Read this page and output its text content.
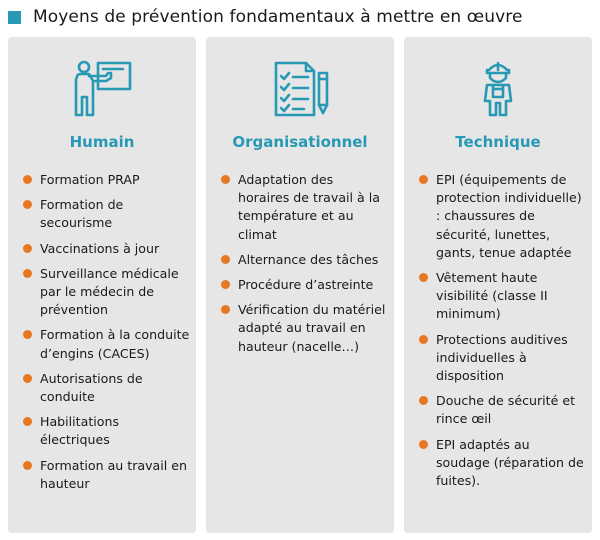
Moyens de prévention fondamentaux à mettre en œuvre
Humain
Formation PRAP
Formation de secourisme
Vaccinations à jour
Surveillance médicale par le médecin de prévention
Formation à la conduite d’engins (CACES)
Autorisations de conduite
Habilitations électriques
Formation au travail en hauteur
Organisationnel
Adaptation des horaires de travail à la température et au climat
Alternance des tâches
Procédure d’astreinte
Vérification du matériel adapté au travail en hauteur (nacelle…)
Technique
EPI (équipements de protection individuelle) : chaussures de sécurité, lunettes, gants, tenue adaptée
Vêtement haute visibilité (classe II minimum)
Protections auditives individuelles à disposition
Douche de sécurité et rince œil
EPI adaptés au soudage (réparation de fuites).
